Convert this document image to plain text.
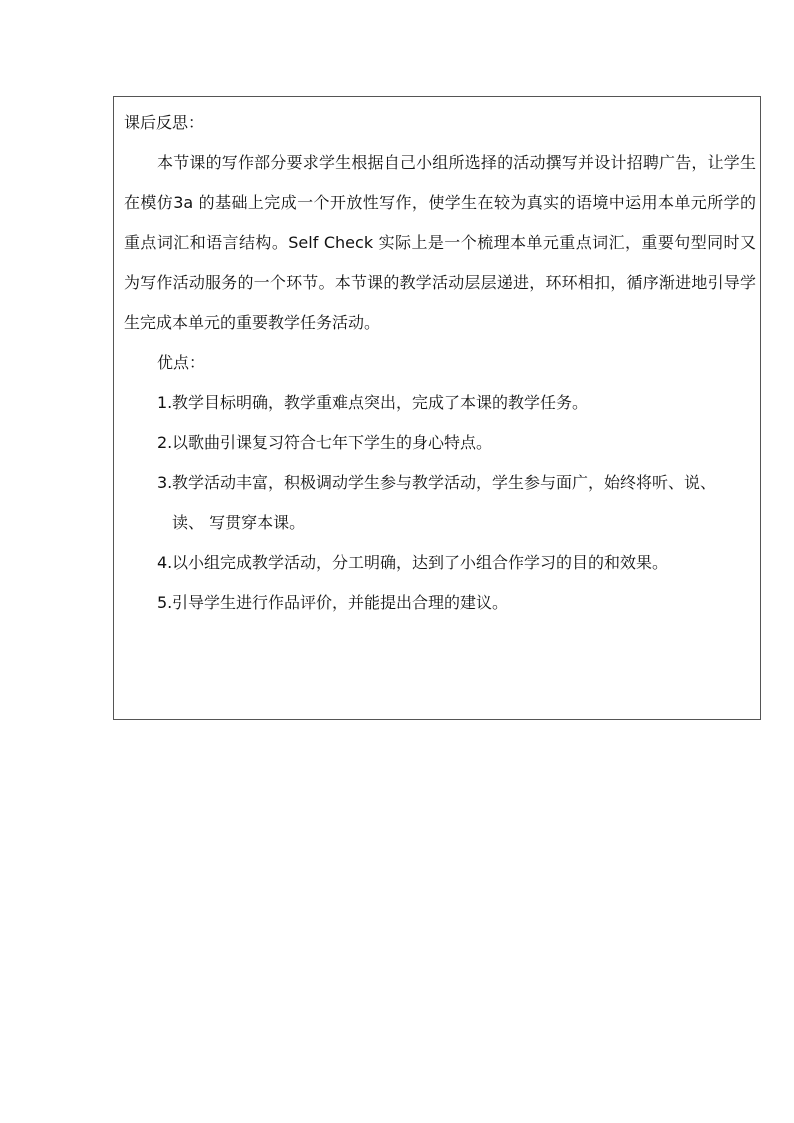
课后反思：

本节课的写作部分要求学生根据自己小组所选择的活动撰写并设计招聘广告，让学生在模仿3a 的基础上完成一个开放性写作，使学生在较为真实的语境中运用本单元所学的重点词汇和语言结构。Self Check 实际上是一个梳理本单元重点词汇，重要句型同时又为写作活动服务的一个环节。本节课的教学活动层层递进，环环相扣，循序渐进地引导学生完成本单元的重要教学任务活动。

优点：

1. 教学目标明确，教学重难点突出，完成了本课的教学任务。
2. 以歌曲引课复习符合七年下学生的身心特点。
3. 教学活动丰富，积极调动学生参与教学活动，学生参与面广，始终将听、说、读、 写贯穿本课。
4. 以小组完成教学活动，分工明确，达到了小组合作学习的目的和效果。
5. 引导学生进行作品评价，并能提出合理的建议。
